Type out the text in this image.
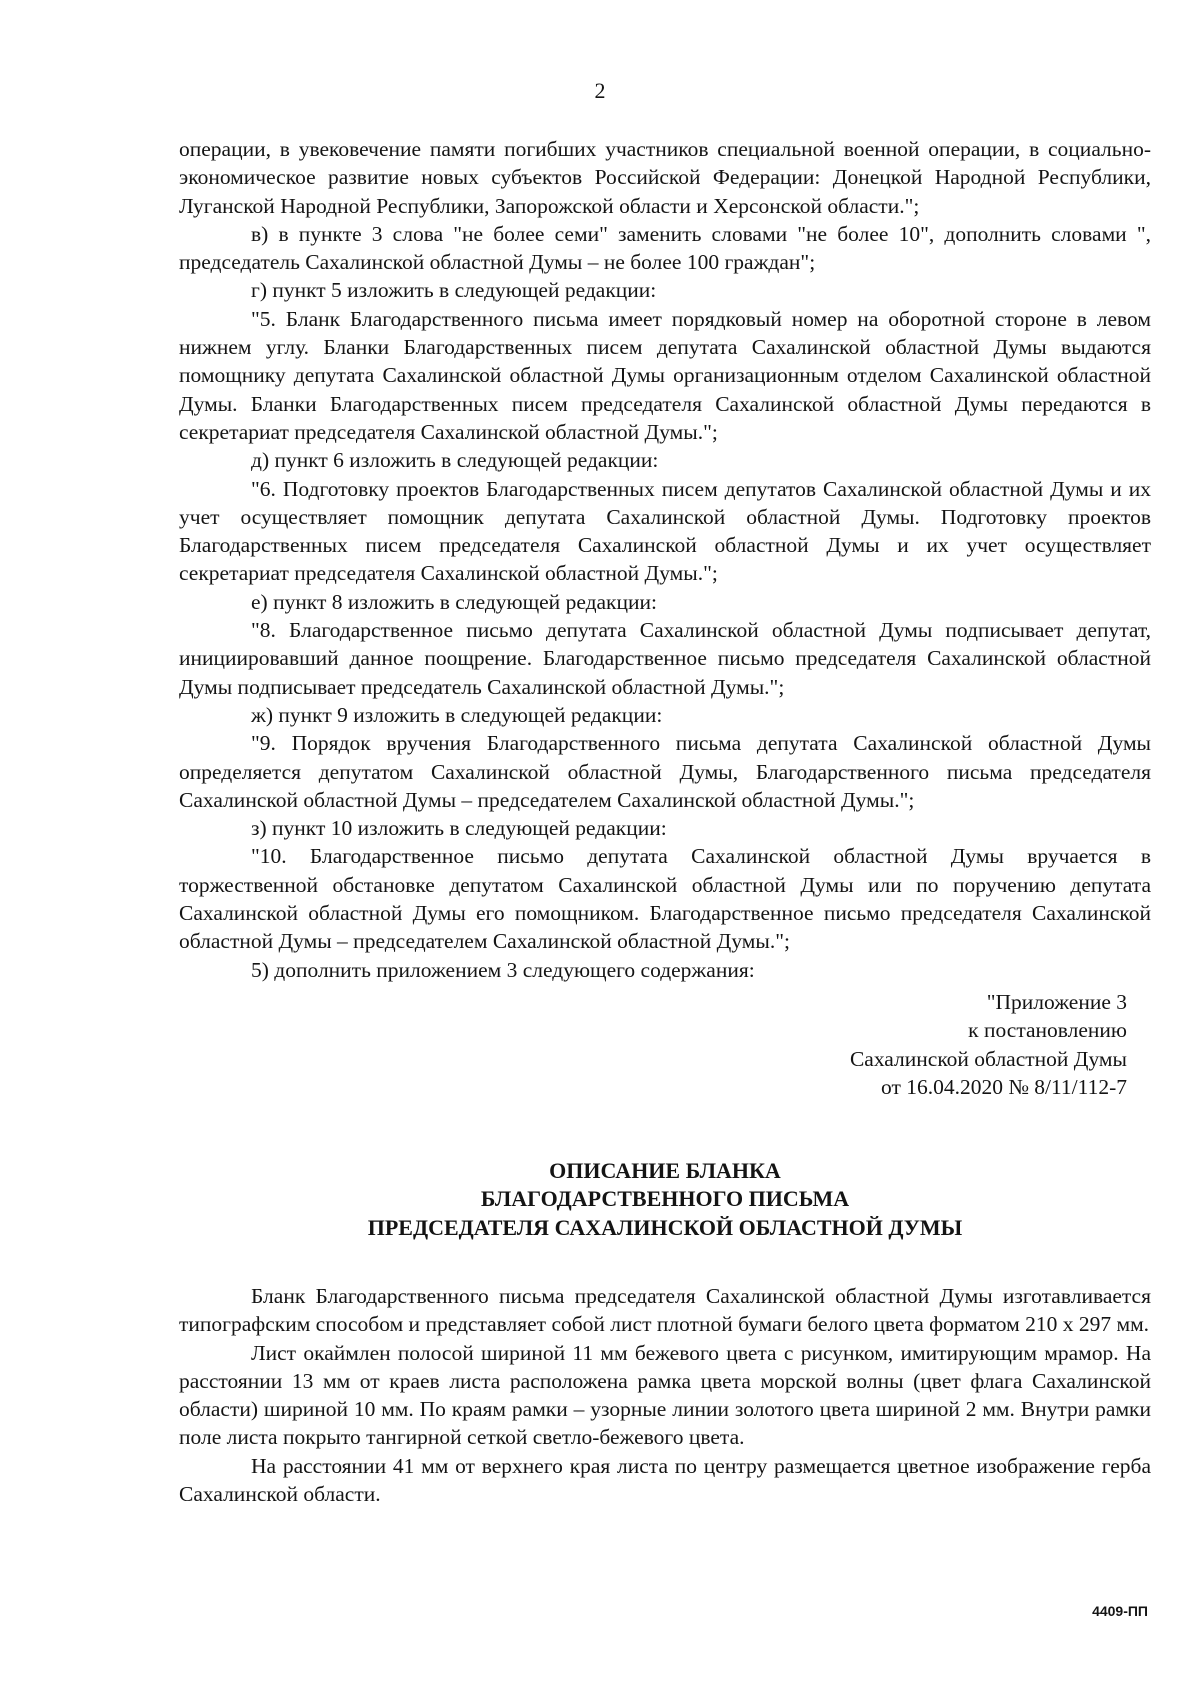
2

операции, в увековечение памяти погибших участников специальной военной операции, в социально-экономическое развитие новых субъектов Российской Федерации: Донецкой Народной Республики, Луганской Народной Республики, Запорожской области и Херсонской области.";

в) в пункте 3 слова "не более семи" заменить словами "не более 10", дополнить словами ", председатель Сахалинской областной Думы – не более 100 граждан";

г) пункт 5 изложить в следующей редакции:

"5. Бланк Благодарственного письма имеет порядковый номер на оборотной стороне в левом нижнем углу. Бланки Благодарственных писем депутата Сахалинской областной Думы выдаются помощнику депутата Сахалинской областной Думы организационным отделом Сахалинской областной Думы. Бланки Благодарственных писем председателя Сахалинской областной Думы передаются в секретариат председателя Сахалинской областной Думы.";

д) пункт 6 изложить в следующей редакции:

"6. Подготовку проектов Благодарственных писем депутатов Сахалинской областной Думы и их учет осуществляет помощник депутата Сахалинской областной Думы. Подготовку проектов Благодарственных писем председателя Сахалинской областной Думы и их учет осуществляет секретариат председателя Сахалинской областной Думы.";

е) пункт 8 изложить в следующей редакции:

"8. Благодарственное письмо депутата Сахалинской областной Думы подписывает депутат, инициировавший данное поощрение. Благодарственное письмо председателя Сахалинской областной Думы подписывает председатель Сахалинской областной Думы.";

ж) пункт 9 изложить в следующей редакции:

"9. Порядок вручения Благодарственного письма депутата Сахалинской областной Думы определяется депутатом Сахалинской областной Думы, Благодарственного письма председателя Сахалинской областной Думы – председателем Сахалинской областной Думы.";

з) пункт 10 изложить в следующей редакции:

"10. Благодарственное письмо депутата Сахалинской областной Думы вручается в торжественной обстановке депутатом Сахалинской областной Думы или по поручению депутата Сахалинской областной Думы его помощником. Благодарственное письмо председателя Сахалинской областной Думы – председателем Сахалинской областной Думы.";

5) дополнить приложением 3 следующего содержания:

"Приложение 3
к постановлению
Сахалинской областной Думы
от 16.04.2020 № 8/11/112-7
ОПИСАНИЕ БЛАНКА
БЛАГОДАРСТВЕННОГО ПИСЬМА
ПРЕДСЕДАТЕЛЯ САХАЛИНСКОЙ ОБЛАСТНОЙ ДУМЫ

Бланк Благодарственного письма председателя Сахалинской областной Думы изготавливается типографским способом и представляет собой лист плотной бумаги белого цвета форматом 210 х 297 мм.

Лист окаймлен полосой шириной 11 мм бежевого цвета с рисунком, имитирующим мрамор. На расстоянии 13 мм от краев листа расположена рамка цвета морской волны (цвет флага Сахалинской области) шириной 10 мм. По краям рамки – узорные линии золотого цвета шириной 2 мм. Внутри рамки поле листа покрыто тангирной сеткой светло-бежевого цвета.

На расстоянии 41 мм от верхнего края листа по центру размещается цветное изображение герба Сахалинской области.

4409-ПП
